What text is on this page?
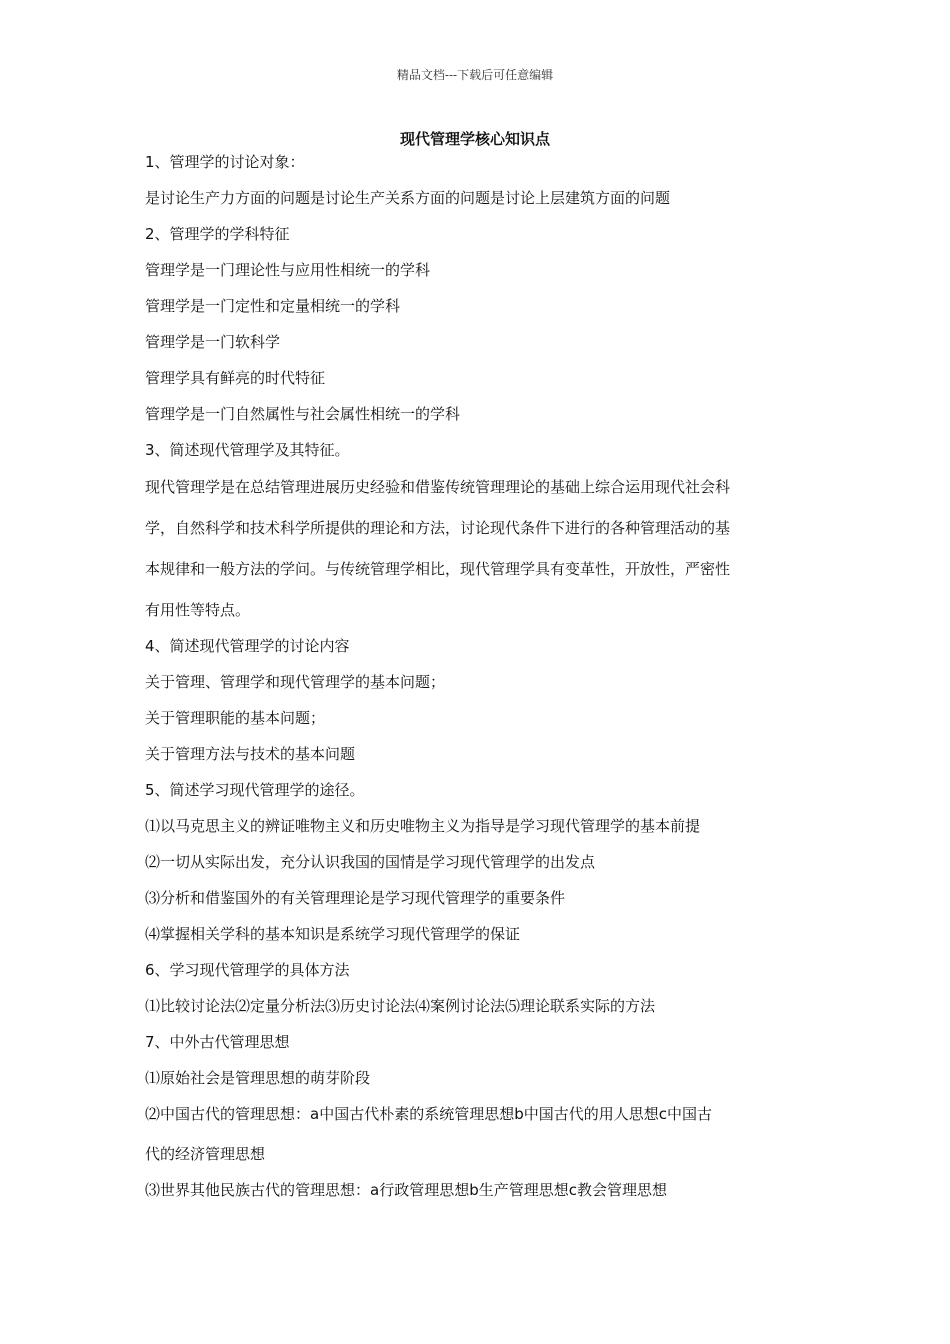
精品文档---下载后可任意编辑
现代管理学核心知识点
1、管理学的讨论对象：
是讨论生产力方面的问题是讨论生产关系方面的问题是讨论上层建筑方面的问题
2、管理学的学科特征
管理学是一门理论性与应用性相统一的学科
管理学是一门定性和定量相统一的学科
管理学是一门软科学
管理学具有鲜亮的时代特征
管理学是一门自然属性与社会属性相统一的学科
3、简述现代管理学及其特征。
现代管理学是在总结管理进展历史经验和借鉴传统管理理论的基础上综合运用现代社会科
学，自然科学和技术科学所提供的理论和方法，讨论现代条件下进行的各种管理活动的基
本规律和一般方法的学问。与传统管理学相比，现代管理学具有变革性，开放性，严密性
有用性等特点。
4、简述现代管理学的讨论内容
关于管理、管理学和现代管理学的基本问题；
关于管理职能的基本问题；
关于管理方法与技术的基本问题
5、简述学习现代管理学的途径。
⑴以马克思主义的辨证唯物主义和历史唯物主义为指导是学习现代管理学的基本前提
⑵一切从实际出发，充分认识我国的国情是学习现代管理学的出发点
⑶分析和借鉴国外的有关管理理论是学习现代管理学的重要条件
⑷掌握相关学科的基本知识是系统学习现代管理学的保证
6、学习现代管理学的具体方法
⑴比较讨论法⑵定量分析法⑶历史讨论法⑷案例讨论法⑸理论联系实际的方法
7、中外古代管理思想
⑴原始社会是管理思想的萌芽阶段
⑵中国古代的管理思想：a中国古代朴素的系统管理思想b中国古代的用人思想c中国古
代的经济管理思想
⑶世界其他民族古代的管理思想：a行政管理思想b生产管理思想c教会管理思想
